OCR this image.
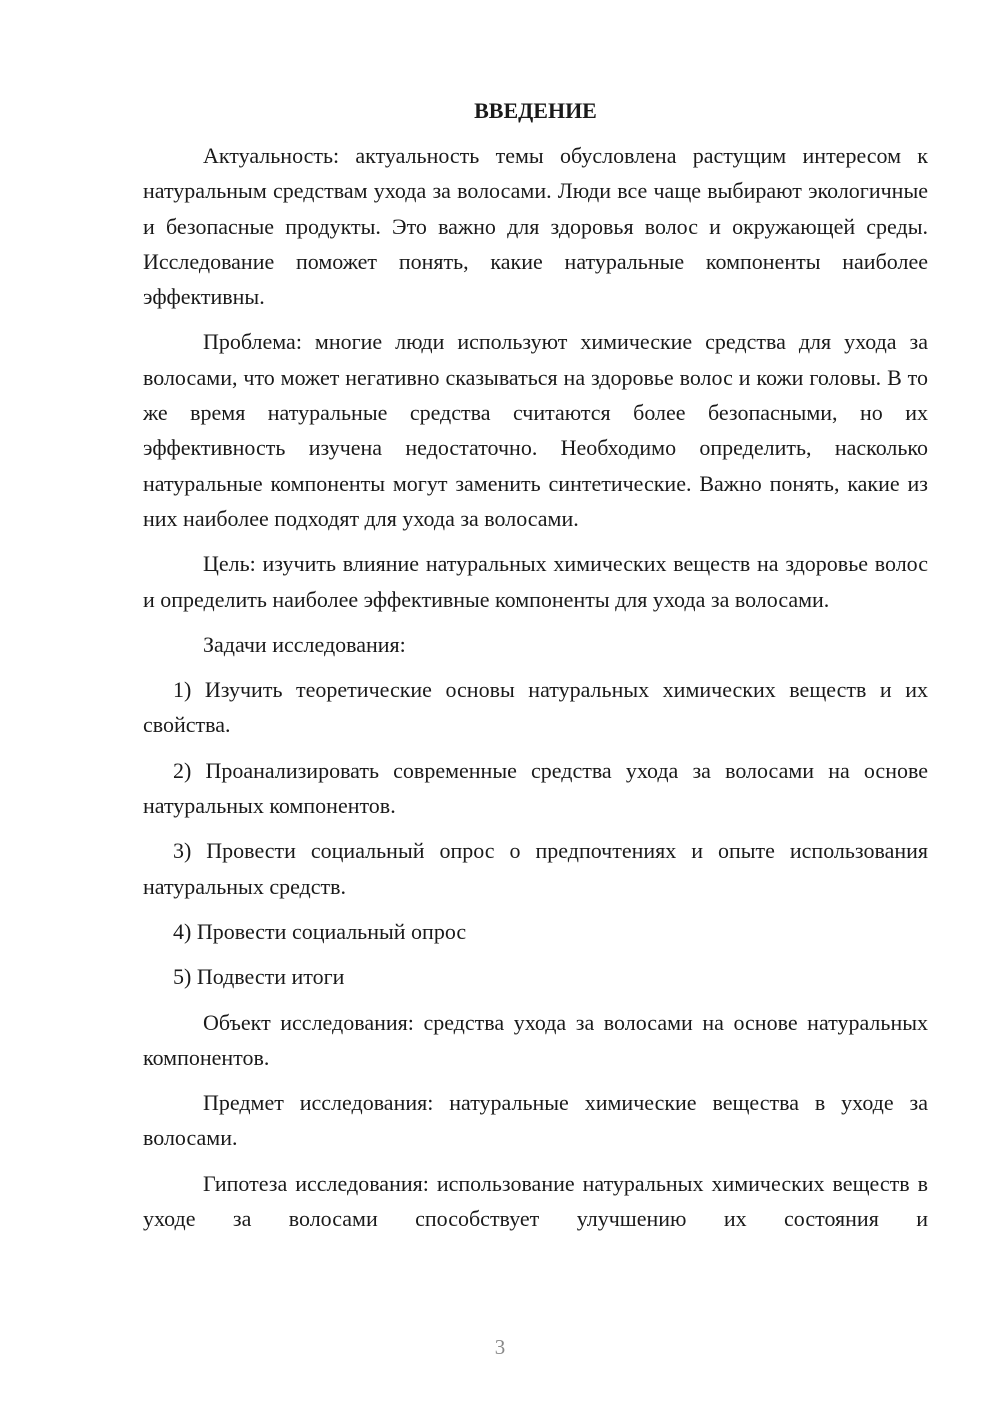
ВВЕДЕНИЕ

Актуальность: актуальность темы обусловлена растущим интересом к натуральным средствам ухода за волосами. Люди все чаще выбирают экологичные и безопасные продукты. Это важно для здоровья волос и окружающей среды. Исследование поможет понять, какие натуральные компоненты наиболее эффективны.

Проблема: многие люди используют химические средства для ухода за волосами, что может негативно сказываться на здоровье волос и кожи головы. В то же время натуральные средства считаются более безопасными, но их эффективность изучена недостаточно. Необходимо определить, насколько натуральные компоненты могут заменить синтетические. Важно понять, какие из них наиболее подходят для ухода за волосами.

Цель: изучить влияние натуральных химических веществ на здоровье волос и определить наиболее эффективные компоненты для ухода за волосами.

Задачи исследования:

1) Изучить теоретические основы натуральных химических веществ и их свойства.

2) Проанализировать современные средства ухода за волосами на основе натуральных компонентов.

3) Провести социальный опрос о предпочтениях и опыте использования натуральных средств.

4) Провести социальный опрос

5) Подвести итоги

Объект исследования: средства ухода за волосами на основе натуральных компонентов.

Предмет исследования: натуральные химические вещества в уходе за волосами.

Гипотеза исследования: использование натуральных химических веществ в уходе за волосами способствует улучшению их состояния и

3
